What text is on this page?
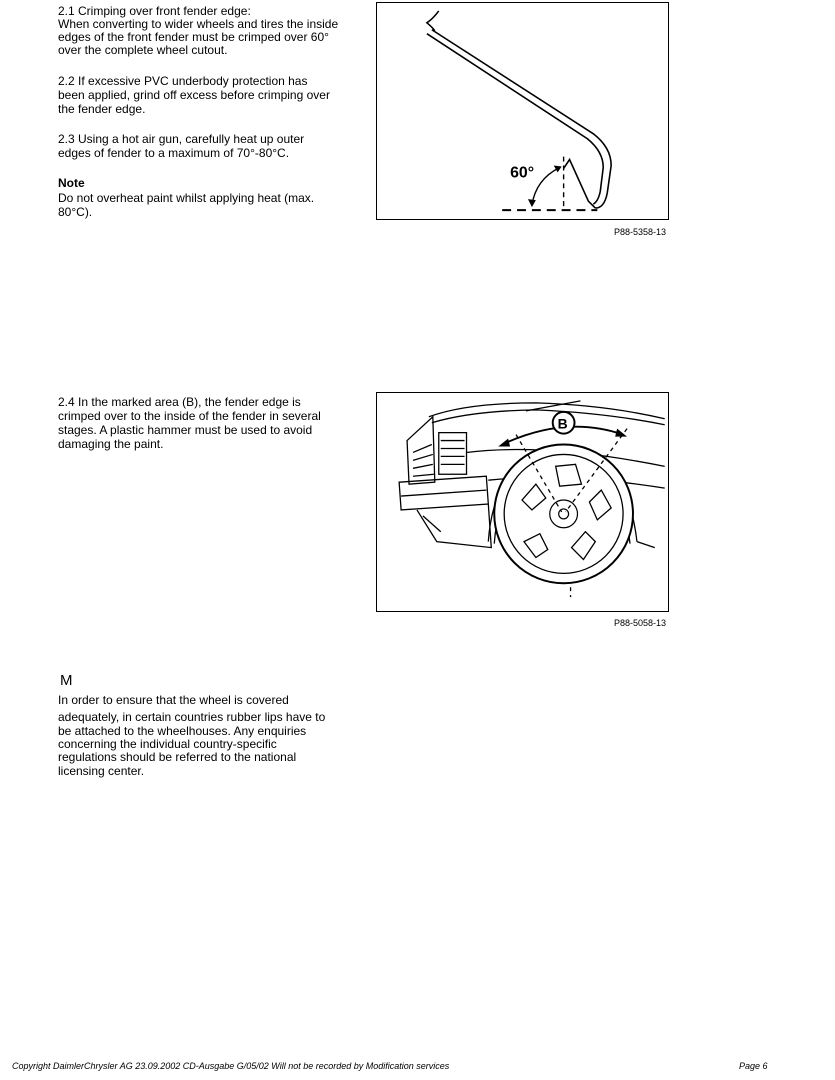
2.1 Crimping over front fender edge:
When converting to wider wheels and tires the inside
edges of the front fender must be crimped over 60°
over the complete wheel cutout.
2.2 If excessive PVC underbody protection has
been applied, grind off excess before crimping over
the fender edge.
2.3 Using a hot air gun, carefully heat up outer
edges of fender to a maximum of 70°-80°C.
Note
Do not overheat paint whilst applying heat (max.
80°C).
60°
P88-5358-13
2.4 In the marked area (B), the fender edge is
crimped over to the inside of the fender in several
stages. A plastic hammer must be used to avoid
damaging the paint.
B
P88-5058-13
M
In order to ensure that the wheel is covered
adequately, in certain countries rubber lips have to
be attached to the wheelhouses. Any enquiries
concerning the individual country-specific
regulations should be referred to the national
licensing center.
Copyright DaimlerChrysler AG 23.09.2002 CD-Ausgabe G/05/02 Will not be recorded by Modification services	Page 6
